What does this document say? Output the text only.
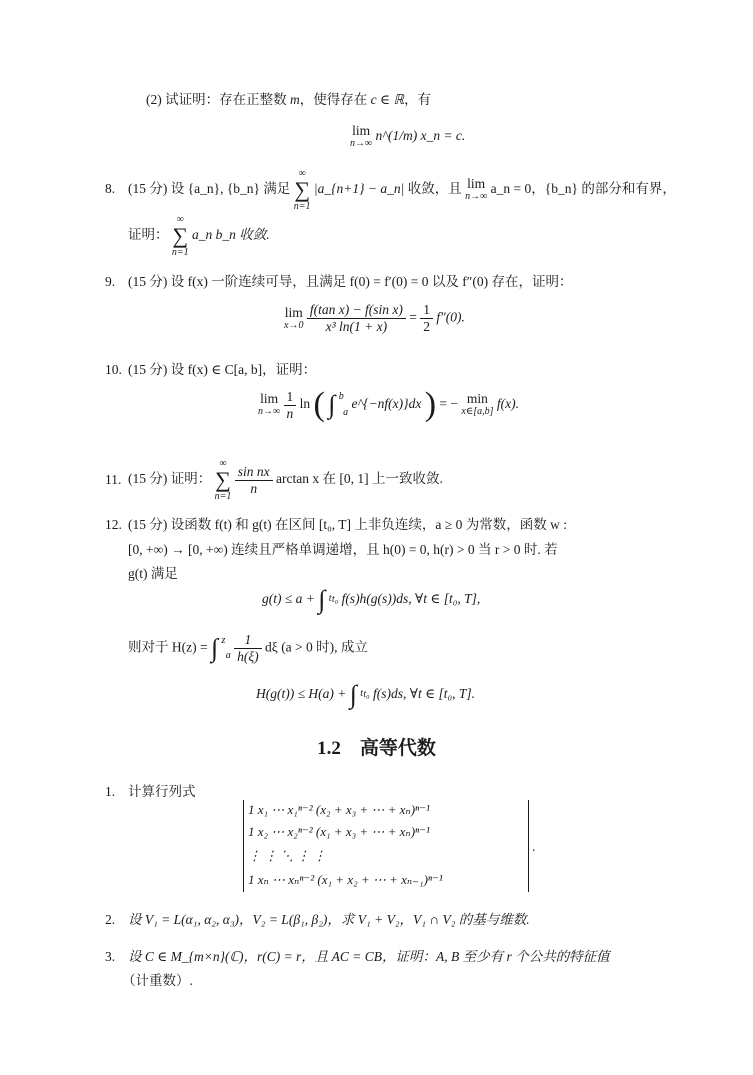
(2) 试证明：存在正整数 m，使得存在 c ∈ ℝ，有
lim
n→∞
n^(1/m) x_n = c.
8. (15 分) 设 {a_n}, {b_n} 满足
∞
∑
n=1
|a_{n+1} − a_n| 收敛，且 lim
n→∞
a_n = 0，{b_n} 的部分和有界，
证明：
∞
∑
n=1
a_n b_n 收敛.
9. (15 分) 设 f(x) 一阶连续可导，且满足 f(0) = f′(0) = 0 以及 f″(0) 存在，证明：
lim
x→0
$\frac{\text{f(tan x) − f(sin x)}}{\text{x³ ln(1 + x)}} = \frac{1}{2} f''(0)$.
10. (15 分) 设 f(x) ∈ C[a, b]，证明：
lim
n→∞
$\frac{1}{n}$ ln ( ∫ $^b$ a e^{−nf(x)}dx ) = − min
x∈[a,b]
f(x).
11. (15 分) 证明：
∞
∑
n=1
$\frac{\text{sin nx}}{n}$ arctan x 在 [0, 1] 上一致收敛.
12. (15 分) 设函数 f(t) 和 g(t) 在区间 [t₀, T] 上非负连续，a ≥ 0 为常数，函数 w :
[0, +∞) → [0, +∞) 连续且严格单调递增，且 h(0) = 0, h(r) > 0 当 r > 0 时. 若
g(t) 满足
g(t) ≤ a + ∫ $^t$ t₀ f(s)h(g(s))ds, ∀t ∈ [t₀, T],
则对于 H(z) = ∫ $^z$ a $\frac{1}{h(\xi)}$ dξ (a > 0 时), 成立
H(g(t)) ≤ H(a) + ∫ $^t$ t₀ f(s)ds, ∀t ∈ [t₀, T].
1.2　高等代数
1. 计算行列式
1 x₁ ⋯ x₁ⁿ⁻² (x₂ + x₃ + ⋯ + xₙ)ⁿ⁻¹
1 x₂ ⋯ x₂ⁿ⁻² (x₁ + x₃ + ⋯ + xₙ)ⁿ⁻¹
⋮ ⋮ ⋱ ⋮ ⋮
1 xₙ ⋯ xₙⁿ⁻² (x₁ + x₂ + ⋯ + xₙ₋₁)ⁿ⁻¹
.
2. 设 V₁ = L(α₁, α₂, α₃)，V₂ = L(β₁, β₂)，求 V₁ + V₂，V₁ ∩ V₂ 的基与维数.
3. 设 C ∈ M_{m×n}(ℂ)，r(C) = r，且 AC = CB，证明：A, B 至少有 r 个公共的特征值
（计重数）.
